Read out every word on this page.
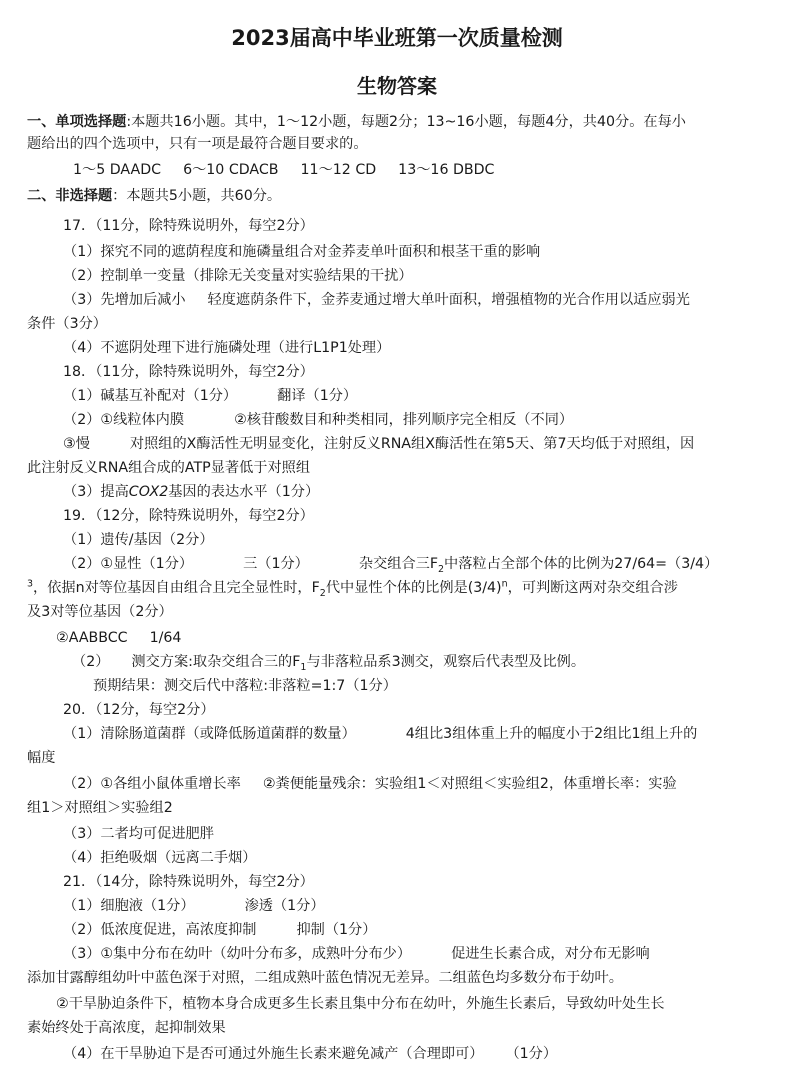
2023届高中毕业班第一次质量检测
生物答案
一、单项选择题:本题共16小题。其中，1～12小题，每题2分；13~16小题，每题4分，共40分。在每小
题给出的四个选项中，只有一项是最符合题目要求的。
1～5 DAADC 6～10 CDACB 11～12 CD 13～16 DBDC
二、非选择题：本题共5小题，共60分。
17．（11分，除特殊说明外，每空2分）
（1）探究不同的遮荫程度和施磷量组合对金荞麦单叶面积和根茎干重的影响
（2）控制单一变量（排除无关变量对实验结果的干扰）
（3）先增加后减小 轻度遮荫条件下，金荞麦通过增大单叶面积，增强植物的光合作用以适应弱光
条件（3分）
（4）不遮阴处理下进行施磷处理（进行L1P1处理）
18．（11分，除特殊说明外，每空2分）
（1）碱基互补配对（1分）	翻译（1分）
（2）①线粒体内膜	②核苷酸数目和种类相同，排列顺序完全相反（不同）
③慢	对照组的X酶活性无明显变化，注射反义RNA组X酶活性在第5天、第7天均低于对照组，因
此注射反义RNA组合成的ATP显著低于对照组
（3）提高COX2基因的表达水平（1分）
19．（12分，除特殊说明外，每空2分）
（1）遗传/基因（2分）
（2）①显性（1分）	三（1分）	杂交组合三$F_2$中落粒占全部个体的比例为27/64=（3/4）
$^3$，依据n对等位基因自由组合且完全显性时，$F_2$代中显性个体的比例是$(3/4)^n$，可判断这两对杂交组合涉
及3对等位基因（2分）
②AABBCC 1/64
（2） 测交方案:取杂交组合三的$F_1$与非落粒品系3测交，观察后代表型及比例。
预期结果：测交后代中落粒:非落粒=1:7（1分）
20．（12分，每空2分）
（1）清除肠道菌群（或降低肠道菌群的数量）	4组比3组体重上升的幅度小于2组比1组上升的
幅度
（2）①各组小鼠体重增长率 ②粪便能量残余：实验组1＜对照组＜实验组2，体重增长率：实验
组1＞对照组＞实验组2
（3）二者均可促进肥胖
（4）拒绝吸烟（远离二手烟）
21．（14分，除特殊说明外，每空2分）
（1）细胞液（1分）	渗透（1分）
（2）低浓度促进，高浓度抑制	抑制（1分）
（3）①集中分布在幼叶（幼叶分布多，成熟叶分布少）	促进生长素合成，对分布无影响
添加甘露醇组幼叶中蓝色深于对照，二组成熟叶蓝色情况无差异。二组蓝色均多数分布于幼叶。
②干旱胁迫条件下，植物本身合成更多生长素且集中分布在幼叶，外施生长素后，导致幼叶处生长
素始终处于高浓度，起抑制效果
（4）在干旱胁迫下是否可通过外施生长素来避免减产（合理即可） （1分）
